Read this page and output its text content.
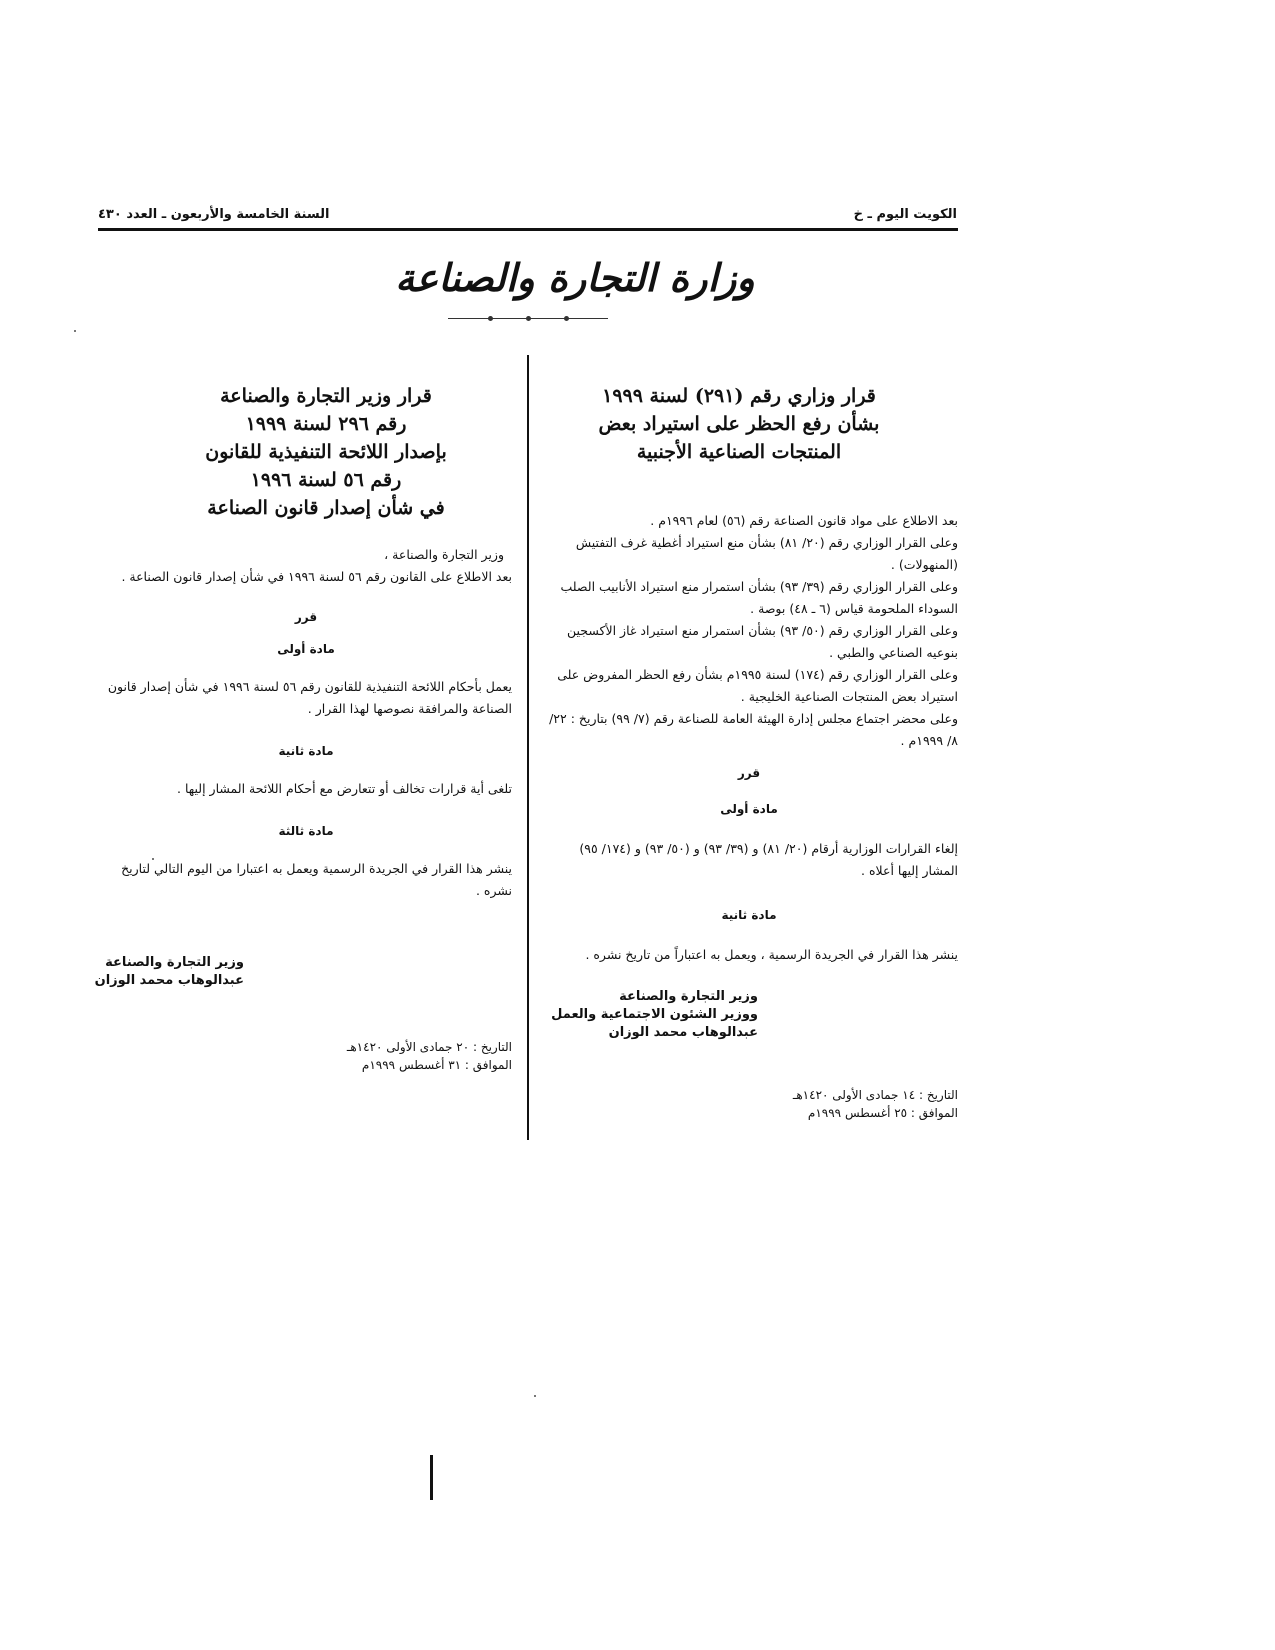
الكويت اليوم ـ خ
السنة الخامسة والأربعون ـ العدد ٤٣٠
وزارة التجارة والصناعة
قرار وزاري رقم (٢٩١) لسنة ١٩٩٩
بشأن رفع الحظر على استيراد بعض
المنتجات الصناعية الأجنبية
بعد الاطلاع على مواد قانون الصناعة رقم (٥٦) لعام ١٩٩٦م .
وعلى القرار الوزاري رقم (٢٠/ ٨١) بشأن منع استيراد أغطية غرف التفتيش (المنهولات) .
وعلى القرار الوزاري رقم (٣٩/ ٩٣) بشأن استمرار منع استيراد الأنابيب الصلب السوداء الملحومة قياس (٦ ـ ٤٨) بوصة .
وعلى القرار الوزاري رقم (٥٠/ ٩٣) بشأن استمرار منع استيراد غاز الأكسجين بنوعيه الصناعي والطبي .
وعلى القرار الوزاري رقم (١٧٤) لسنة ١٩٩٥م بشأن رفع الحظر المفروض على استيراد بعض المنتجات الصناعية الخليجية .
وعلى محضر اجتماع مجلس إدارة الهيئة العامة للصناعة رقم (٧/ ٩٩) بتاريخ : ٢٢/ ٨/ ١٩٩٩م .
قرر
مادة أولى
إلغاء القرارات الوزارية أرقام (٢٠/ ٨١) و (٣٩/ ٩٣) و (٥٠/ ٩٣) و (١٧٤/ ٩٥) المشار إليها أعلاه .
مادة ثانية
ينشر هذا القرار في الجريدة الرسمية ، ويعمل به اعتباراً من تاريخ نشره .
وزير التجارة والصناعة
ووزير الشئون الاجتماعية والعمل
عبدالوهاب محمد الوزان
التاريخ : ١٤ جمادى الأولى ١٤٢٠هـ
الموافق : ٢٥ أغسطس ١٩٩٩م
قرار وزير التجارة والصناعة
رقم ٢٩٦ لسنة ١٩٩٩
بإصدار اللائحة التنفيذية للقانون
رقم ٥٦ لسنة ١٩٩٦
في شأن إصدار قانون الصناعة
وزير التجارة والصناعة ،
بعد الاطلاع على القانون رقم ٥٦ لسنة ١٩٩٦ في شأن إصدار قانون الصناعة .
قرر
مادة أولى
يعمل بأحكام اللائحة التنفيذية للقانون رقم ٥٦ لسنة ١٩٩٦ في شأن إصدار قانون الصناعة والمرافقة نصوصها لهذا القرار .
مادة ثانية
تلغى أية قرارات تخالف أو تتعارض مع أحكام اللائحة المشار إليها .
مادة ثالثة
ينشر هذا القرار في الجريدة الرسمية ويعمل به اعتبارا من اليوم التالي لتاريخ نشره .
وزير التجارة والصناعة
عبدالوهاب محمد الوزان
التاريخ : ٢٠ جمادى الأولى ١٤٢٠هـ
الموافق : ٣١ أغسطس ١٩٩٩م
